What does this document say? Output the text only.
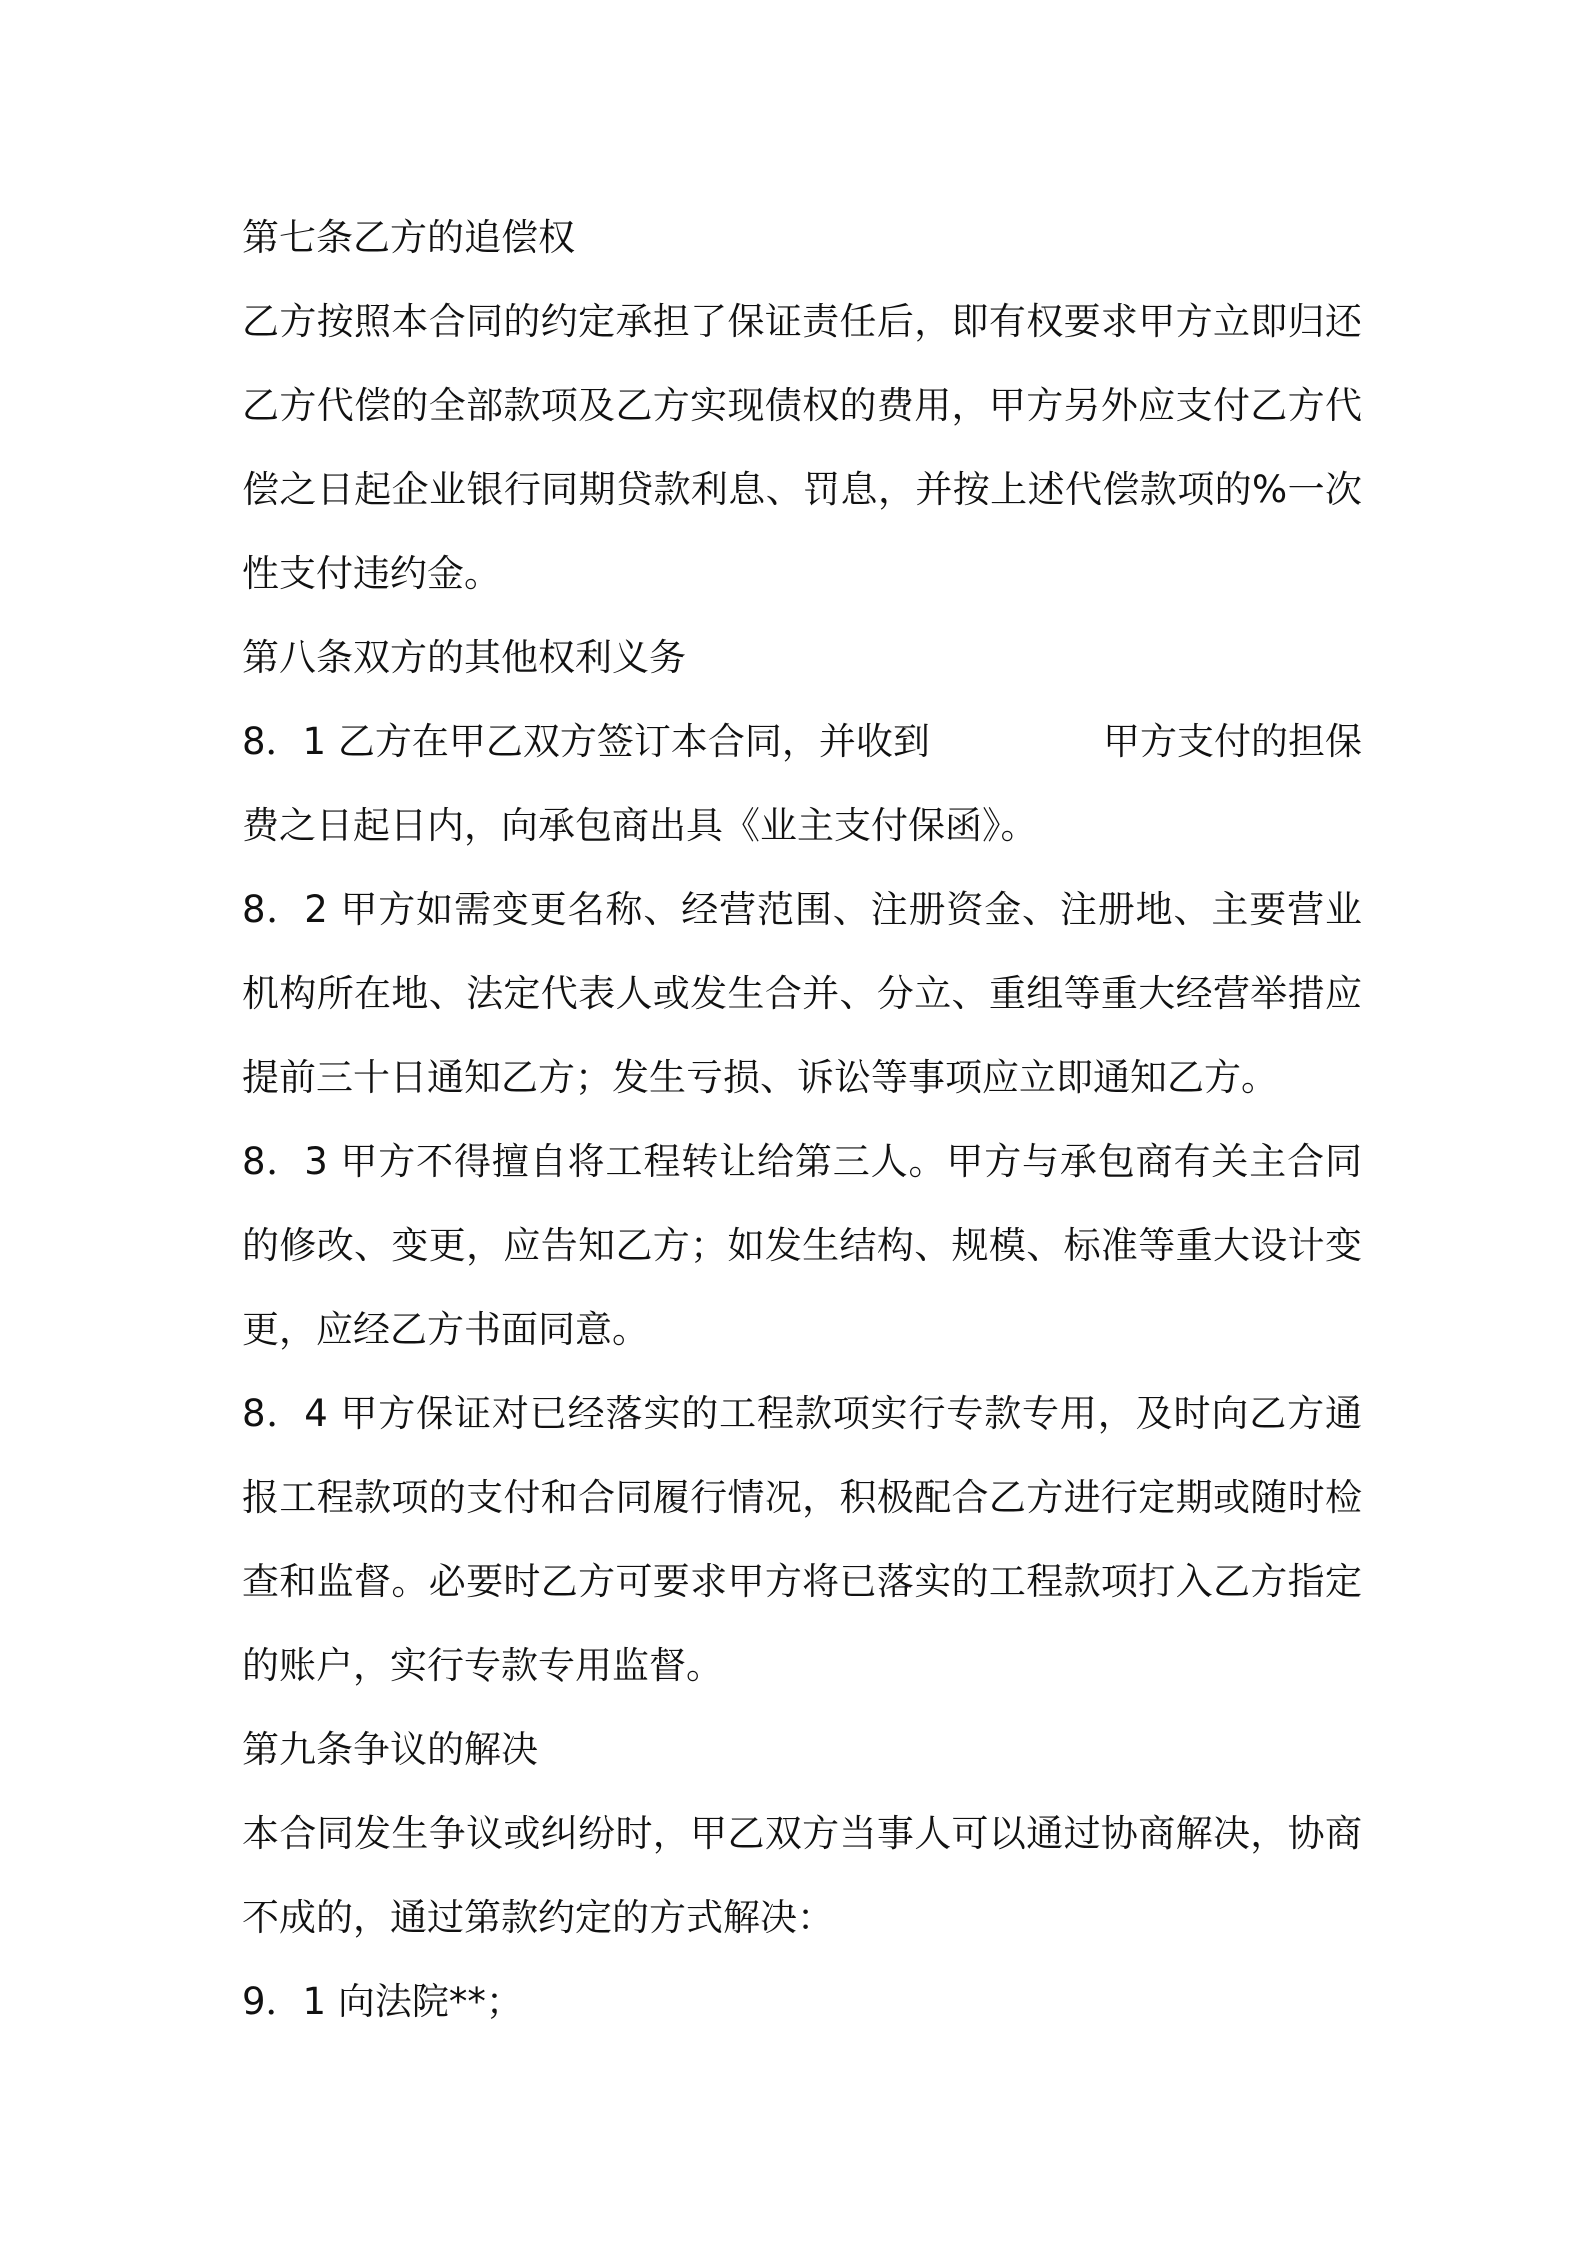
第七条乙方的追偿权
乙方按照本合同的约定承担了保证责任后，即有权要求甲方立即归还
乙方代偿的全部款项及乙方实现债权的费用，甲方另外应支付乙方代
偿之日起企业银行同期贷款利息、罚息，并按上述代偿款项的%一次
性支付违约金。
第八条双方的其他权利义务
8．1 乙方在甲乙双方签订本合同，并收到	甲方支付的担保
费之日起日内，向承包商出具《业主支付保函》。
8．2 甲方如需变更名称、经营范围、注册资金、注册地、主要营业
机构所在地、法定代表人或发生合并、分立、重组等重大经营举措应
提前三十日通知乙方；发生亏损、诉讼等事项应立即通知乙方。
8．3 甲方不得擅自将工程转让给第三人。甲方与承包商有关主合同
的修改、变更，应告知乙方；如发生结构、规模、标准等重大设计变
更，应经乙方书面同意。
8．4 甲方保证对已经落实的工程款项实行专款专用，及时向乙方通
报工程款项的支付和合同履行情况，积极配合乙方进行定期或随时检
查和监督。必要时乙方可要求甲方将已落实的工程款项打入乙方指定
的账户，实行专款专用监督。
第九条争议的解决
本合同发生争议或纠纷时，甲乙双方当事人可以通过协商解决，协商
不成的，通过第款约定的方式解决：
9．1 向法院**；
